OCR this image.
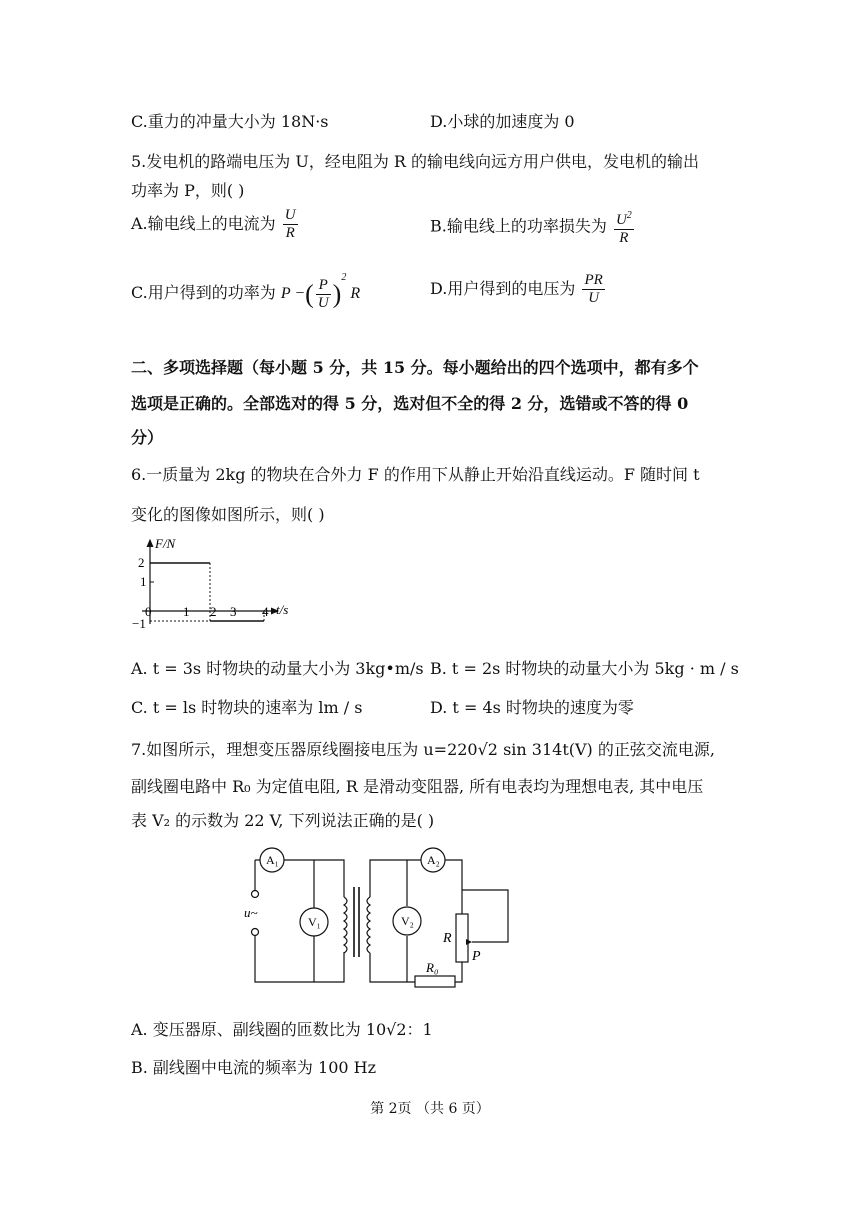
C.重力的冲量大小为 18N·s	D.小球的加速度为 0
5.发电机的路端电压为 U，经电阻为 R 的输电线向远方用户供电，发电机的输出
功率为 P，则( )
A.输电线上的电流为 $\frac{U}{R}$	B.输电线上的功率损失为 $\frac{U^2}{R}$
C.用户得到的功率为 P −( $\frac{P}{U} )^2$ R	D.用户得到的电压为 $\frac{PR}{U}$
二、多项选择题（每小题 5 分，共 15 分。每小题给出的四个选项中，都有多个
选项是正确的。全部选对的得 5 分，选对但不全的得 2 分，选错或不答的得 0
分）
6.一质量为 2kg 的物块在合外力 F 的作用下从静止开始沿直线运动。F 随时间 t
变化的图像如图所示，则( )
F/N
t/s
2
1
0
−1
1 2 3 4
A. t = 3s 时物块的动量大小为 3kg•m/s B. t = 2s 时物块的动量大小为 5kg · m / s
C. t = ls 时物块的速率为 lm / s	D. t = 4s 时物块的速度为零
7.如图所示，理想变压器原线圈接电压为 u=220√2 sin 314t(V) 的正弦交流电源,
副线圈电路中 R₀ 为定值电阻, R 是滑动变阻器, 所有电表均为理想电表, 其中电压
表 V₂ 的示数为 22 V, 下列说法正确的是( )
A₁	A₂
V₁	V₂
u~
R
P
R₀
A. 变压器原、副线圈的匝数比为 10√2：1
B. 副线圈中电流的频率为 100 Hz
第 2页 （共 6 页）
